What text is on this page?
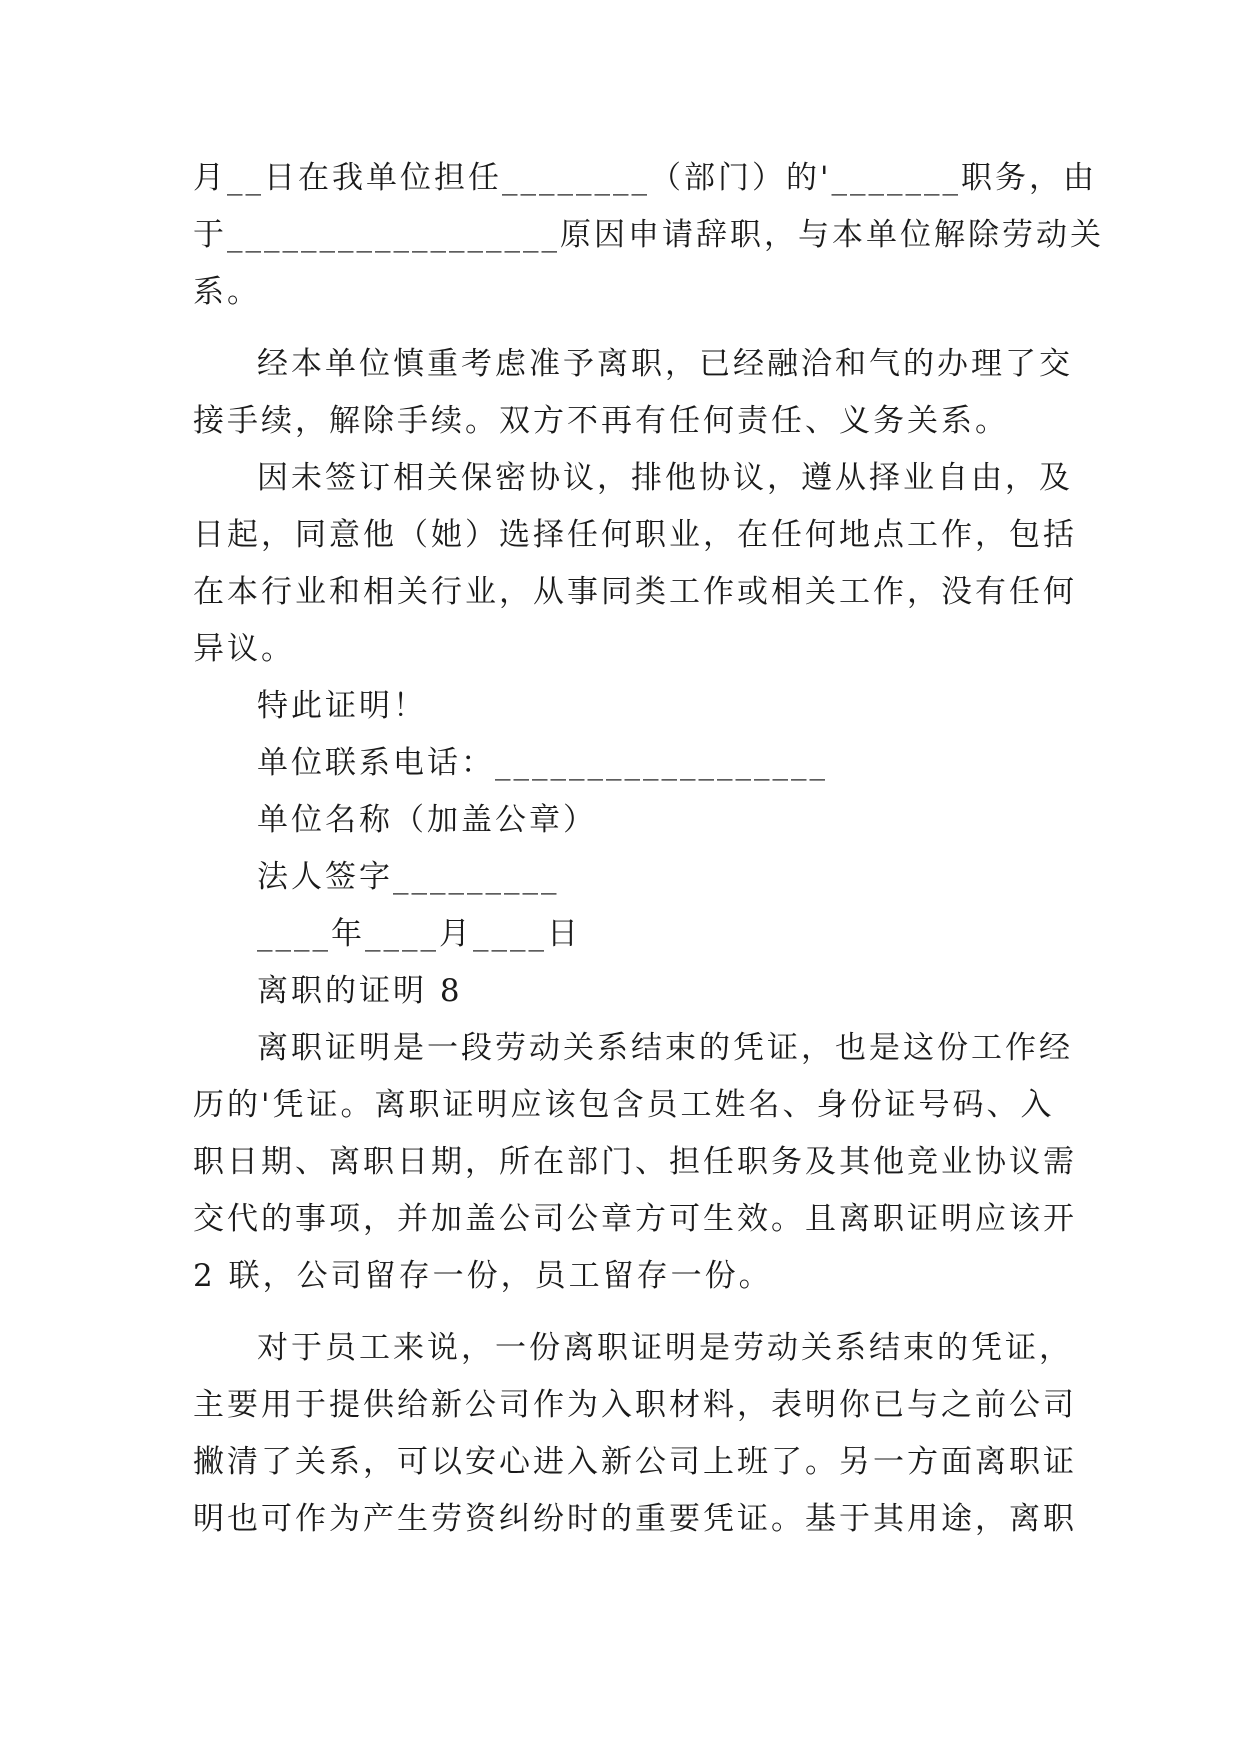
月__日在我单位担任________（部门）的'_______职务，由
于__________________原因申请辞职，与本单位解除劳动关
系。
经本单位慎重考虑准予离职，已经融洽和气的办理了交
接手续，解除手续。双方不再有任何责任、义务关系。
因未签订相关保密协议，排他协议，遵从择业自由，及
日起，同意他（她）选择任何职业，在任何地点工作，包括
在本行业和相关行业，从事同类工作或相关工作，没有任何
异议。
特此证明！
单位联系电话：__________________
单位名称（加盖公章）
法人签字_________
____年____月____日
离职的证明 8
离职证明是一段劳动关系结束的凭证，也是这份工作经
历的'凭证。离职证明应该包含员工姓名、身份证号码、入
职日期、离职日期，所在部门、担任职务及其他竞业协议需
交代的事项，并加盖公司公章方可生效。且离职证明应该开
2 联，公司留存一份，员工留存一份。
对于员工来说，一份离职证明是劳动关系结束的凭证，
主要用于提供给新公司作为入职材料，表明你已与之前公司
撇清了关系，可以安心进入新公司上班了。另一方面离职证
明也可作为产生劳资纠纷时的重要凭证。基于其用途，离职
